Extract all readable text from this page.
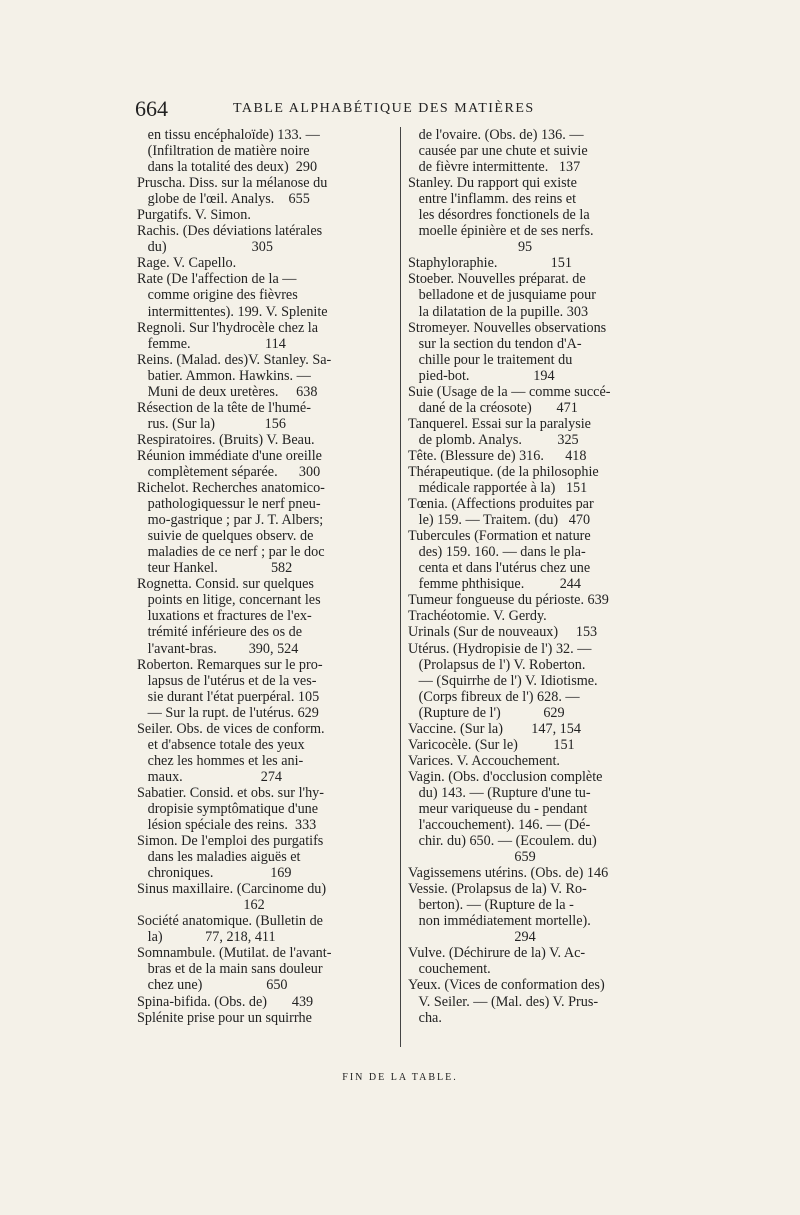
664	TABLE ALPHABÉTIQUE DES MATIÈRES
en tissu encéphaloïde) 133. —
(Infiltration de matière noire
dans la totalité des deux)  290
Pruscha. Diss. sur la mélanose du
globe de l'œil. Analys.    655
Purgatifs. V. Simon.
Rachis. (Des déviations latérales
du)                        305
Rage. V. Capello.
Rate (De l'affection de la —
comme origine des fièvres
intermittentes). 199. V. Splenite
Regnoli. Sur l'hydrocèle chez la
femme.                     114
Reins. (Malad. des)V. Stanley. Sa-
batier. Ammon. Hawkins. —
Muni de deux uretères.     638
Résection de la tête de l'humé-
rus. (Sur la)              156
Respiratoires. (Bruits) V. Beau.
Réunion immédiate d'une oreille
complètement séparée.      300
Richelot. Recherches anatomico-
pathologiquessur le nerf pneu-
mo-gastrique ; par J. T. Albers;
suivie de quelques observ. de
maladies de ce nerf ; par le doc
teur Hankel.               582
Rognetta. Consid. sur quelques
points en litige, concernant les
luxations et fractures de l'ex-
trémité inférieure des os de
l'avant-bras.         390, 524
Roberton. Remarques sur le pro-
lapsus de l'utérus et de la ves-
sie durant l'état puerpéral. 105
— Sur la rupt. de l'utérus. 629
Seiler. Obs. de vices de conform.
et d'absence totale des yeux
chez les hommes et les ani-
maux.                      274
Sabatier. Consid. et obs. sur l'hy-
dropisie symptômatique d'une
lésion spéciale des reins.  333
Simon. De l'emploi des purgatifs
dans les maladies aiguës et
chroniques.                169
Sinus maxillaire. (Carcinome du)
162
Société anatomique. (Bulletin de
la)            77, 218, 411
Somnambule. (Mutilat. de l'avant-
bras et de la main sans douleur
chez une)                  650
Spina-bifida. (Obs. de)       439
Splénite prise pour un squirrhe
de l'ovaire. (Obs. de) 136. —
causée par une chute et suivie
de fièvre intermittente.   137
Stanley. Du rapport qui existe
entre l'inflamm. des reins et
les désordres fonctionels de la
moelle épinière et de ses nerfs.
95
Staphyloraphie.               151
Stoeber. Nouvelles préparat. de
belladone et de jusquiame pour
la dilatation de la pupille. 303
Stromeyer. Nouvelles observations
sur la section du tendon d'A-
chille pour le traitement du
pied-bot.                  194
Suie (Usage de la — comme succé-
dané de la créosote)       471
Tanquerel. Essai sur la paralysie
de plomb. Analys.          325
Tête. (Blessure de) 316.      418
Thérapeutique. (de la philosophie
médicale rapportée à la)   151
Tœnia. (Affections produites par
le) 159. — Traitem. (du)   470
Tubercules (Formation et nature
des) 159. 160. — dans le pla-
centa et dans l'utérus chez une
femme phthisique.          244
Tumeur fongueuse du périoste. 639
Trachéotomie. V. Gerdy.
Urinals (Sur de nouveaux)     153
Utérus. (Hydropisie de l') 32. —
(Prolapsus de l') V. Roberton.
— (Squirrhe de l') V. Idiotisme.
(Corps fibreux de l') 628. —
(Rupture de l')            629
Vaccine. (Sur la)        147, 154
Varicocèle. (Sur le)          151
Varices. V. Accouchement.
Vagin. (Obs. d'occlusion complète
du) 143. — (Rupture d'une tu-
meur variqueuse du - pendant
l'accouchement). 146. — (Dé-
chir. du) 650. — (Ecoulem. du)
659
Vagissemens utérins. (Obs. de) 146
Vessie. (Prolapsus de la) V. Ro-
berton). — (Rupture de la -
non immédiatement mortelle).
294
Vulve. (Déchirure de la) V. Ac-
couchement.
Yeux. (Vices de conformation des)
V. Seiler. — (Mal. des) V. Prus-
cha.
FIN DE LA TABLE.
